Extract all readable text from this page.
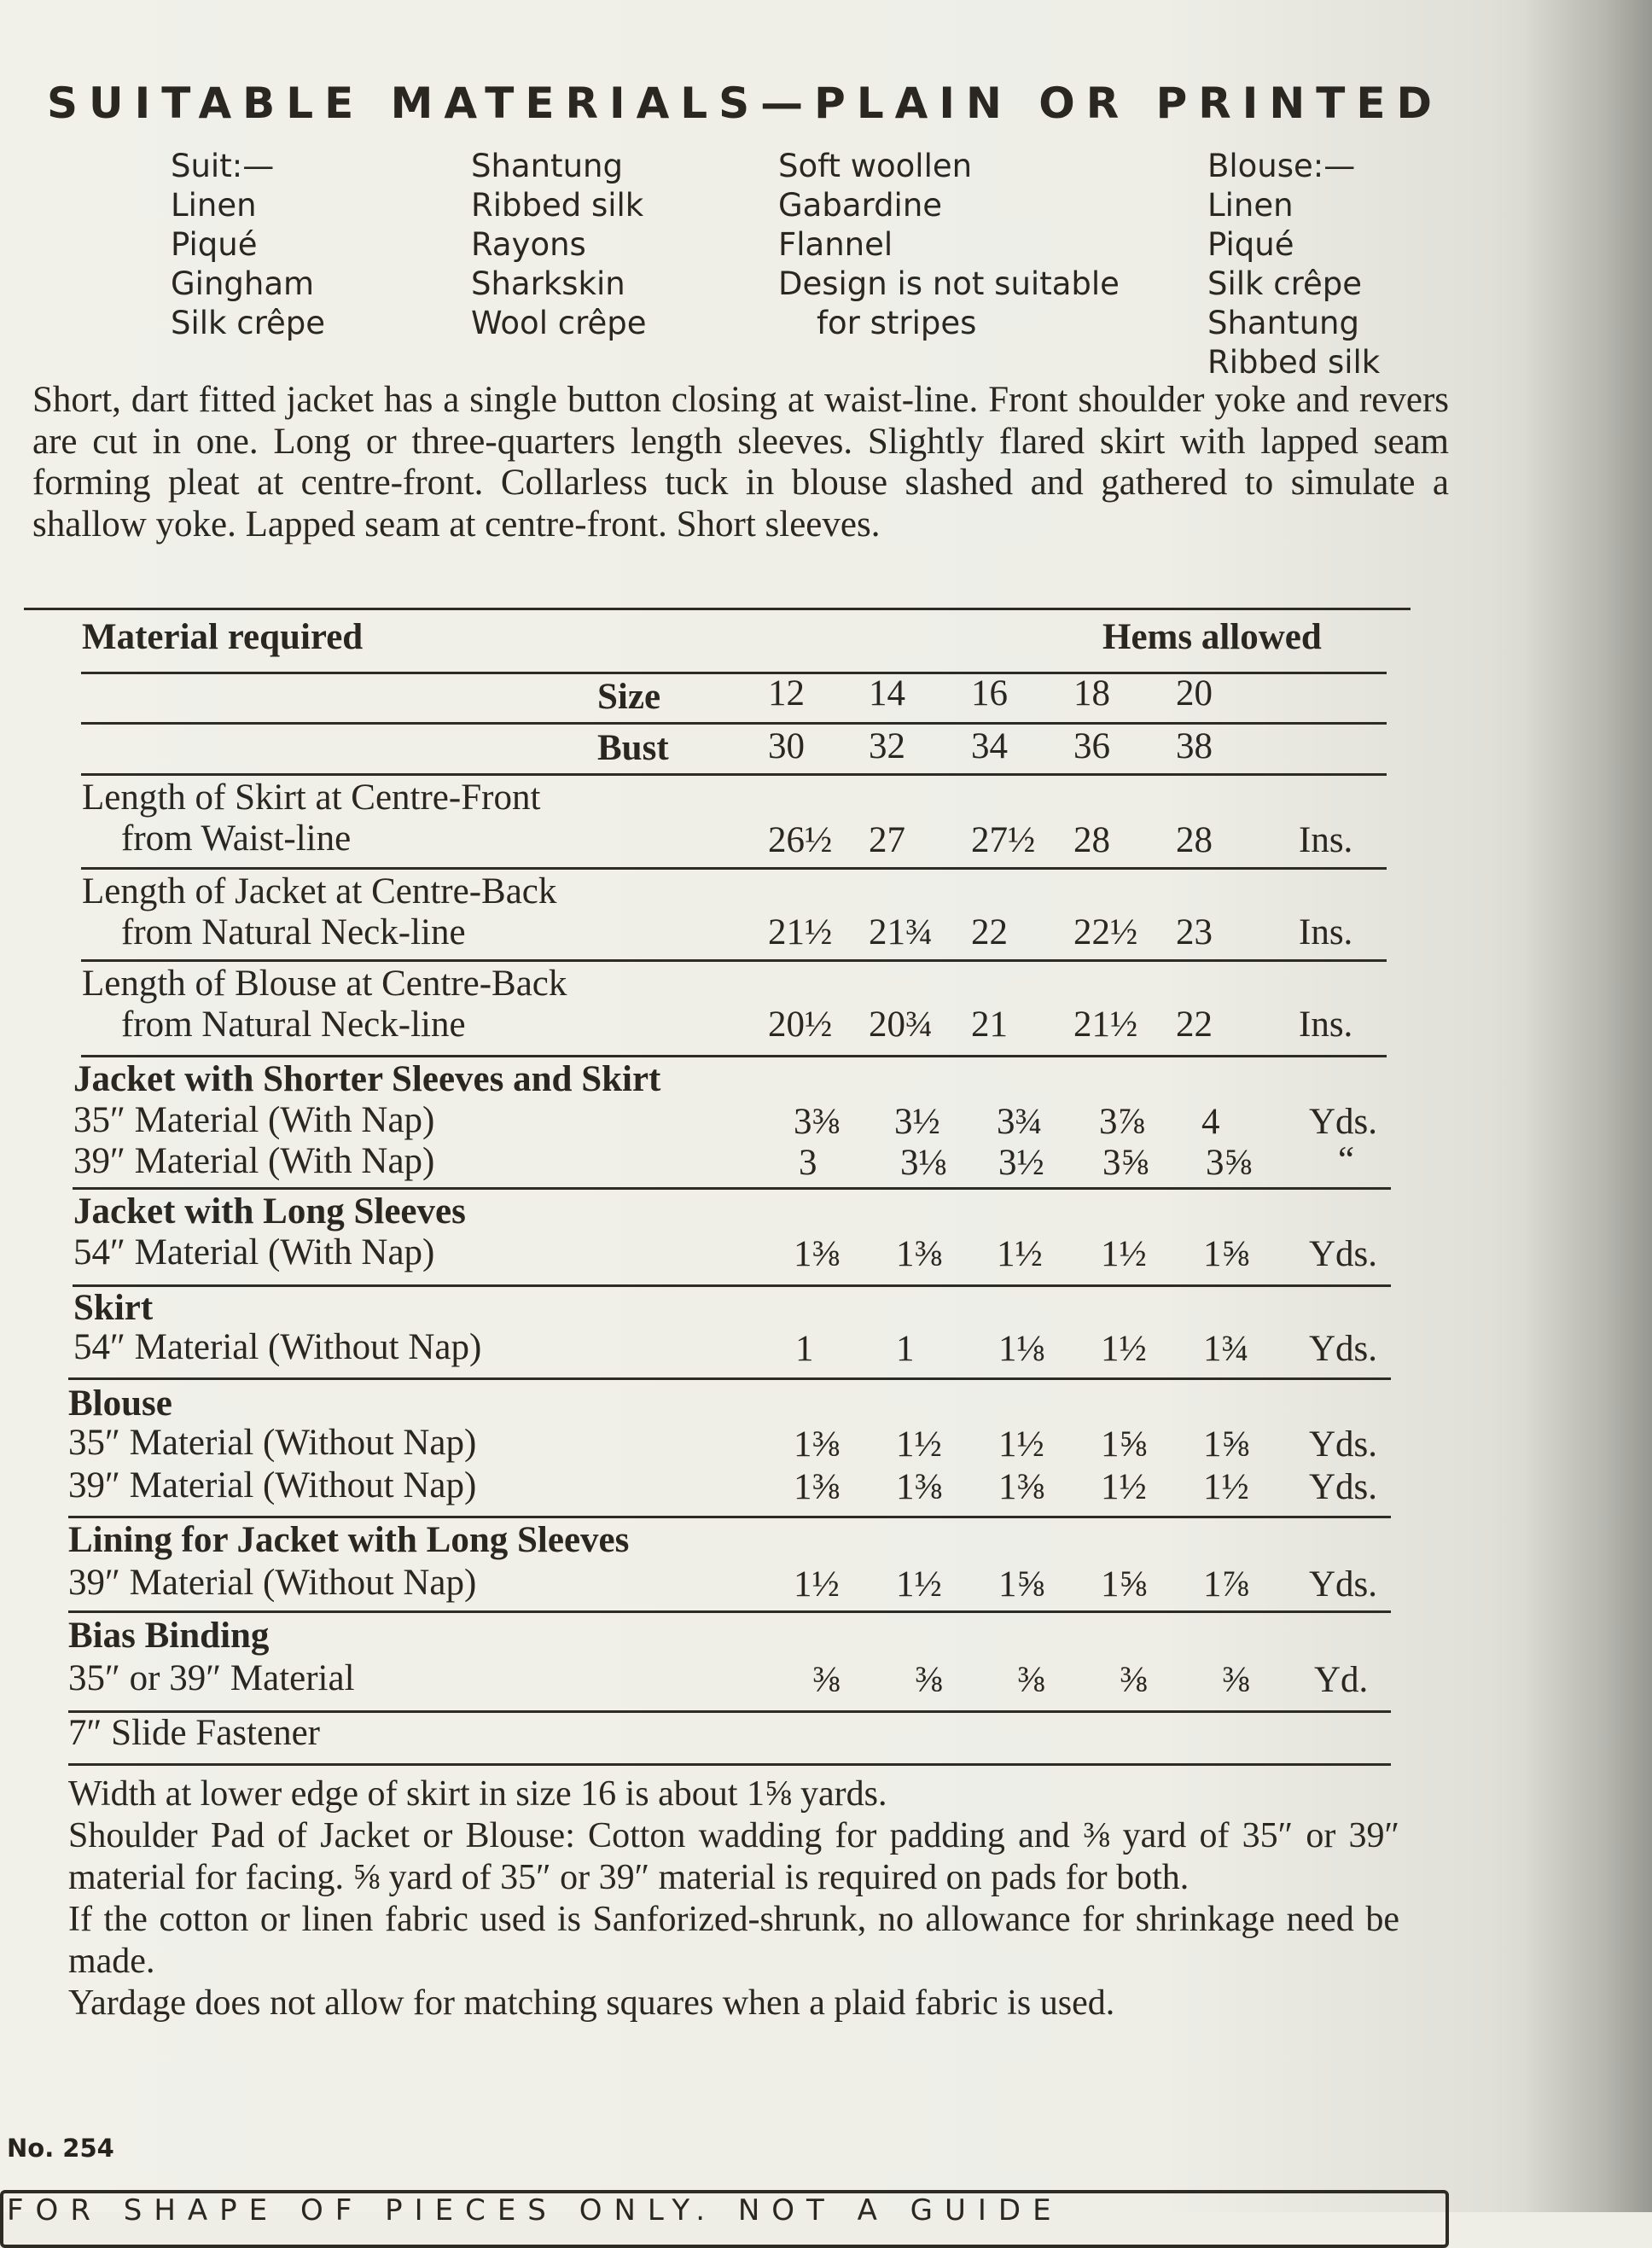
SUITABLE MATERIALS—PLAIN OR PRINTED
Suit:—
Linen
Piqué
Gingham
Silk crêpe
Shantung
Ribbed silk
Rayons
Sharkskin
Wool crêpe
Soft woollen
Gabardine
Flannel
Design is not suitable
for stripes
Blouse:—
Linen
Piqué
Silk crêpe
Shantung
Ribbed silk
Short, dart fitted jacket has a single button closing at waist-line. Front shoulder yoke and revers are cut in one. Long or three-quarters length sleeves. Slightly flared skirt with lapped seam forming pleat at centre-front. Collarless tuck in blouse slashed and gathered to simulate a shallow yoke. Lapped seam at centre-front. Short sleeves.
Material required	Hems allowed
Size	12 14 16 18 20
Bust	30 32 34 36 38
Length of Skirt at Centre-Front
from Waist-line	26½ 27 27½ 28 28 Ins.
Length of Jacket at Centre-Back
from Natural Neck-line	21½ 21¾ 22 22½ 23 Ins.
Length of Blouse at Centre-Back
from Natural Neck-line	20½ 20¾ 21 21½ 22 Ins.
Jacket with Shorter Sleeves and Skirt
35″ Material (With Nap)	3⅜ 3½ 3¾ 3⅞ 4 Yds.
39″ Material (With Nap)	3 3⅛ 3½ 3⅝ 3⅝ “
Jacket with Long Sleeves
54″ Material (With Nap)	1⅜ 1⅜ 1½ 1½ 1⅝ Yds.
Skirt
54″ Material (Without Nap)	1 1 1⅛ 1½ 1¾ Yds.
Blouse
35″ Material (Without Nap)	1⅜ 1½ 1½ 1⅝ 1⅝ Yds.
39″ Material (Without Nap)	1⅜ 1⅜ 1⅜ 1½ 1½ Yds.
Lining for Jacket with Long Sleeves
39″ Material (Without Nap)	1½ 1½ 1⅝ 1⅝ 1⅞ Yds.
Bias Binding
35″ or 39″ Material	⅜ ⅜ ⅜ ⅜ ⅜ Yd.
7″ Slide Fastener

Width at lower edge of skirt in size 16 is about 1⅝ yards.

Shoulder Pad of Jacket or Blouse: Cotton wadding for padding and ⅜ yard of 35″ or 39″ material for facing. ⅝ yard of 35″ or 39″ material is required on pads for both.

If the cotton or linen fabric used is Sanforized-shrunk, no allowance for shrinkage need be made.

Yardage does not allow for matching squares when a plaid fabric is used.

No. 254
FOR SHAPE OF PIECES ONLY. NOT A GUIDE
